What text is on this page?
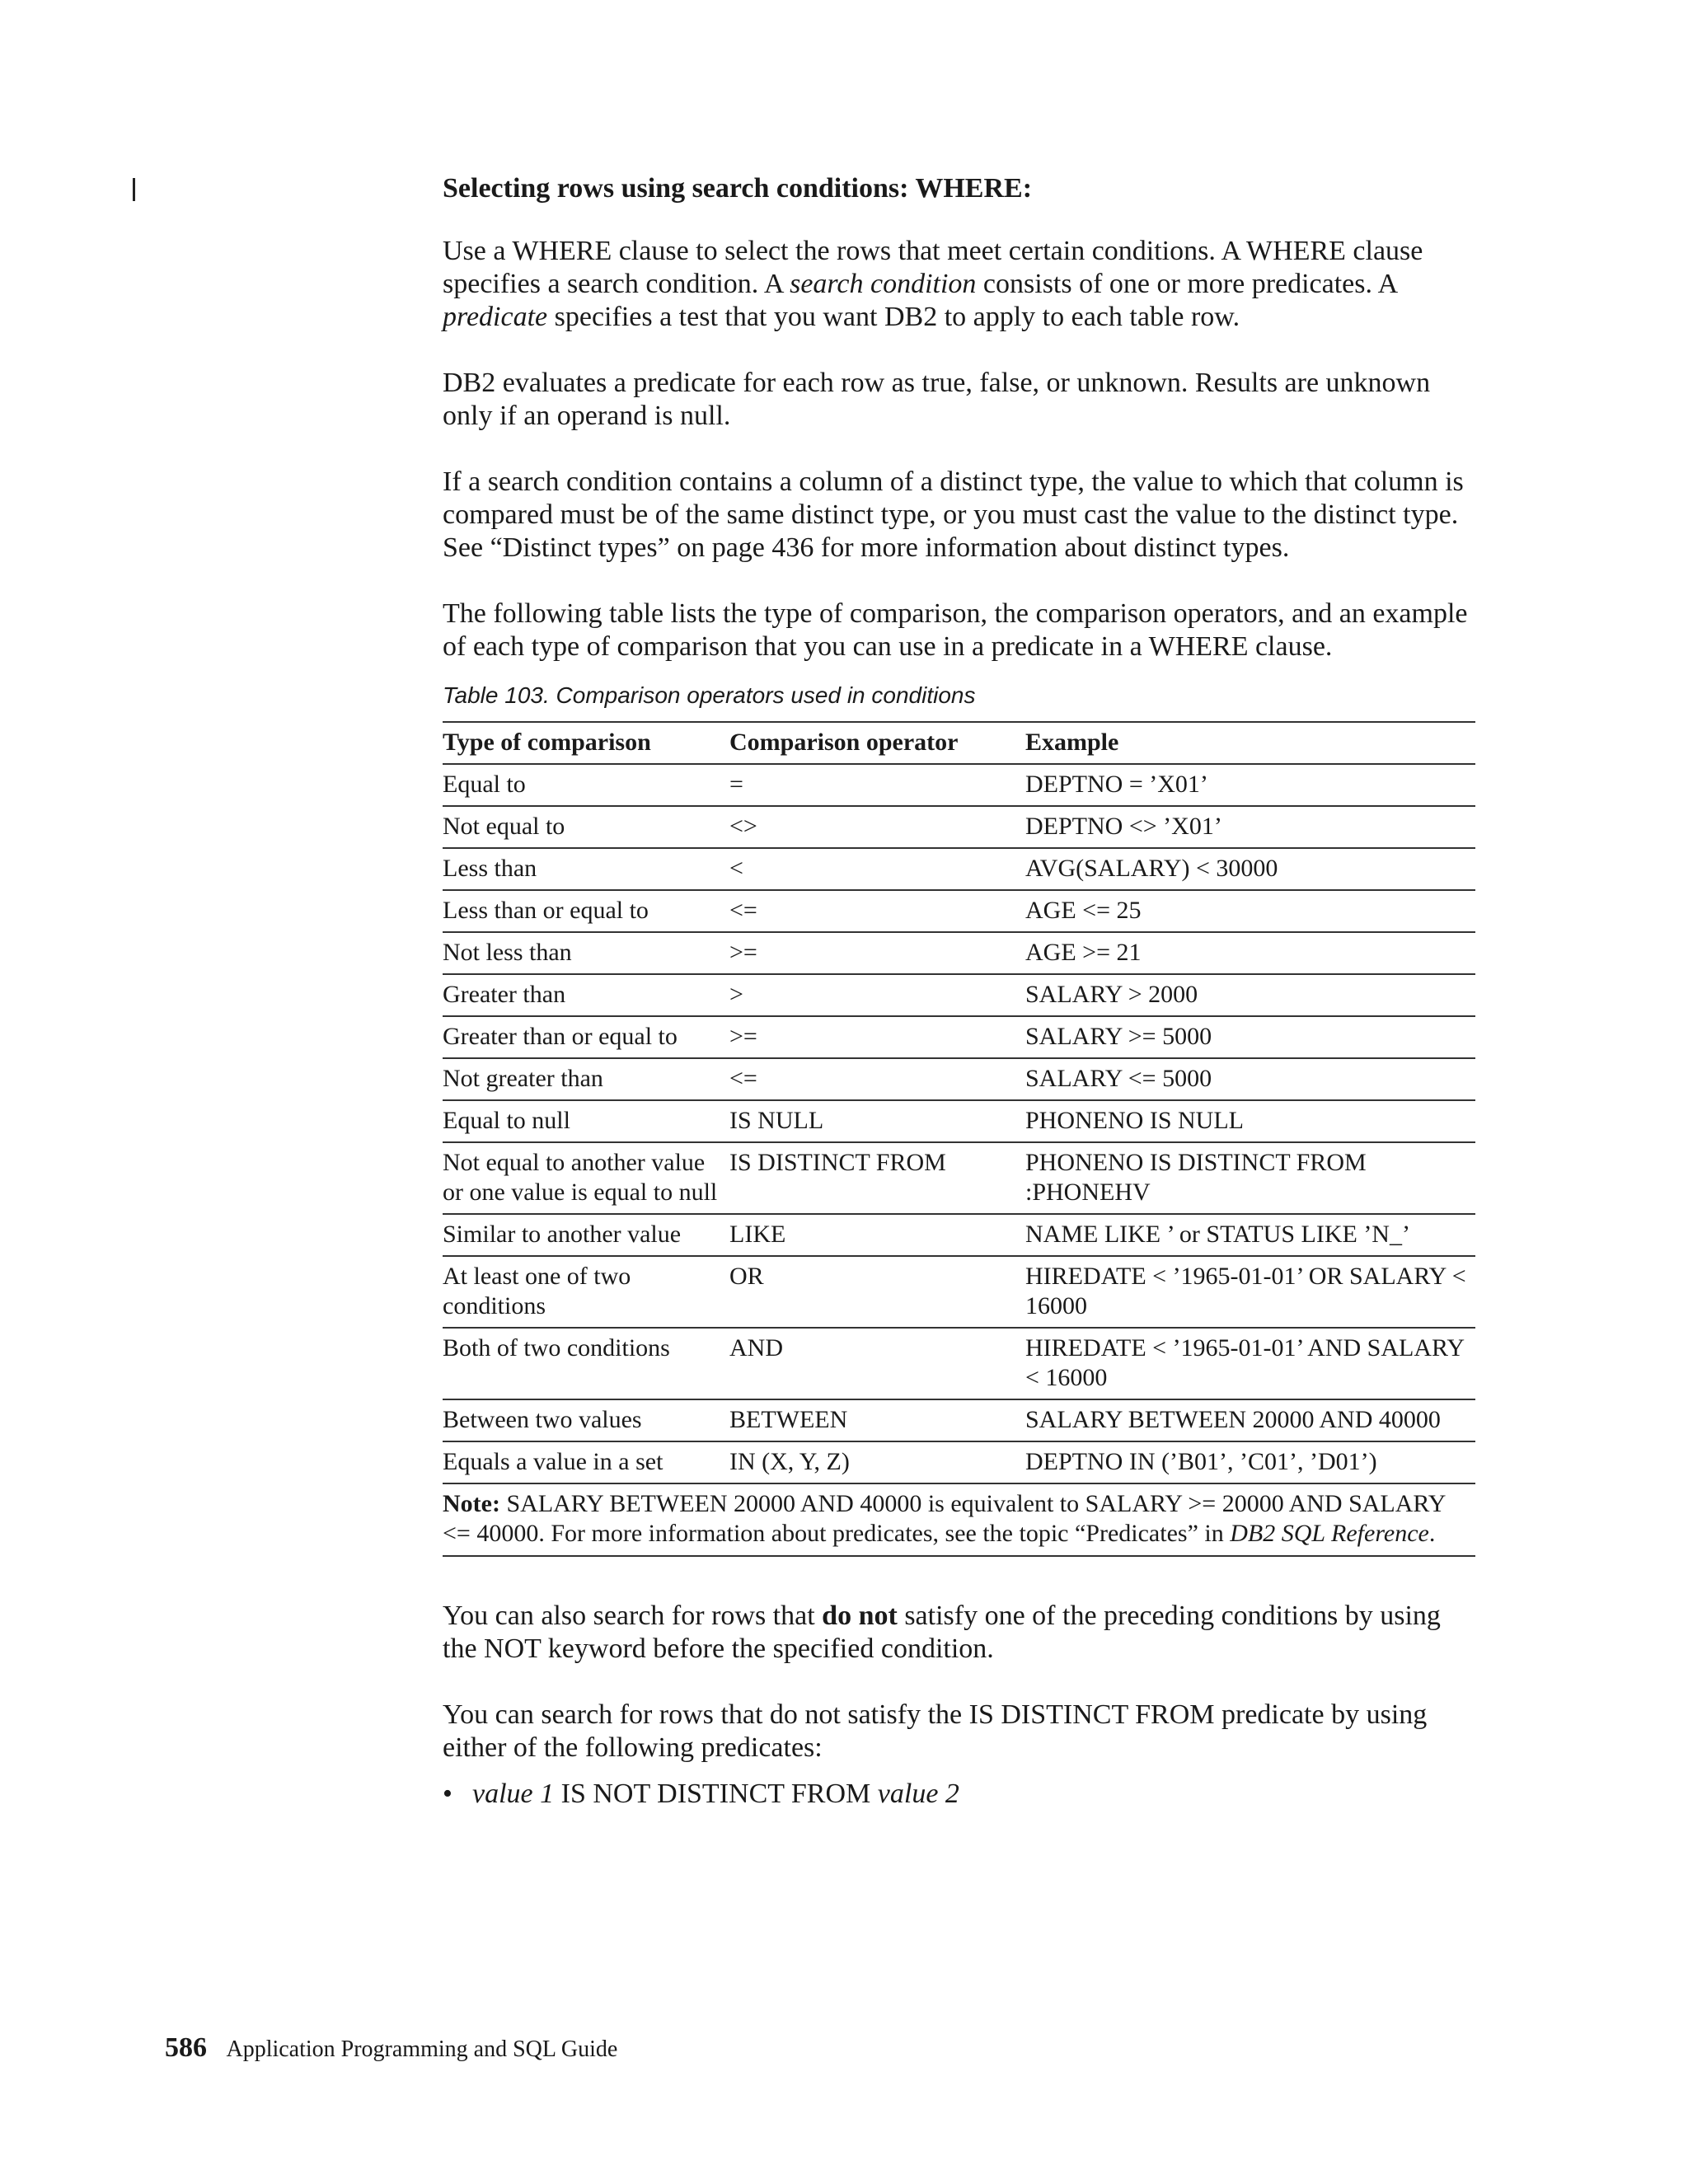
Selecting rows using search conditions: WHERE:

Use a WHERE clause to select the rows that meet certain conditions. A WHERE clause specifies a search condition. A search condition consists of one or more predicates. A predicate specifies a test that you want DB2 to apply to each table row.

DB2 evaluates a predicate for each row as true, false, or unknown. Results are unknown only if an operand is null.

If a search condition contains a column of a distinct type, the value to which that column is compared must be of the same distinct type, or you must cast the value to the distinct type. See “Distinct types” on page 436 for more information about distinct types.

The following table lists the type of comparison, the comparison operators, and an example of each type of comparison that you can use in a predicate in a WHERE clause.

Table 103. Comparison operators used in conditions
Type of comparison	Comparison operator	Example
Equal to	=	DEPTNO = ’X01’
Not equal to	<>	DEPTNO <> ’X01’
Less than	<	AVG(SALARY) < 30000
Less than or equal to	<=	AGE <= 25
Not less than	>=	AGE >= 21
Greater than	>	SALARY > 2000
Greater than or equal to	>=	SALARY >= 5000
Not greater than	<=	SALARY <= 5000
Equal to null	IS NULL	PHONENO IS NULL
Not equal to another value or one value is equal to null	IS DISTINCT FROM	PHONENO IS DISTINCT FROM :PHONEHV
Similar to another value	LIKE	NAME LIKE ’ or STATUS LIKE ’N_’
At least one of two conditions	OR	HIREDATE < ’1965-01-01’ OR SALARY < 16000
Both of two conditions	AND	HIREDATE < ’1965-01-01’ AND SALARY < 16000
Between two values	BETWEEN	SALARY BETWEEN 20000 AND 40000
Equals a value in a set	IN (X, Y, Z)	DEPTNO IN (’B01’, ’C01’, ’D01’)
Note: SALARY BETWEEN 20000 AND 40000 is equivalent to SALARY >= 20000 AND SALARY <= 40000. For more information about predicates, see the topic “Predicates” in DB2 SQL Reference.		

You can also search for rows that do not satisfy one of the preceding conditions by using the NOT keyword before the specified condition.

You can search for rows that do not satisfy the IS DISTINCT FROM predicate by using either of the following predicates:

• value 1 IS NOT DISTINCT FROM value 2
586 Application Programming and SQL Guide
